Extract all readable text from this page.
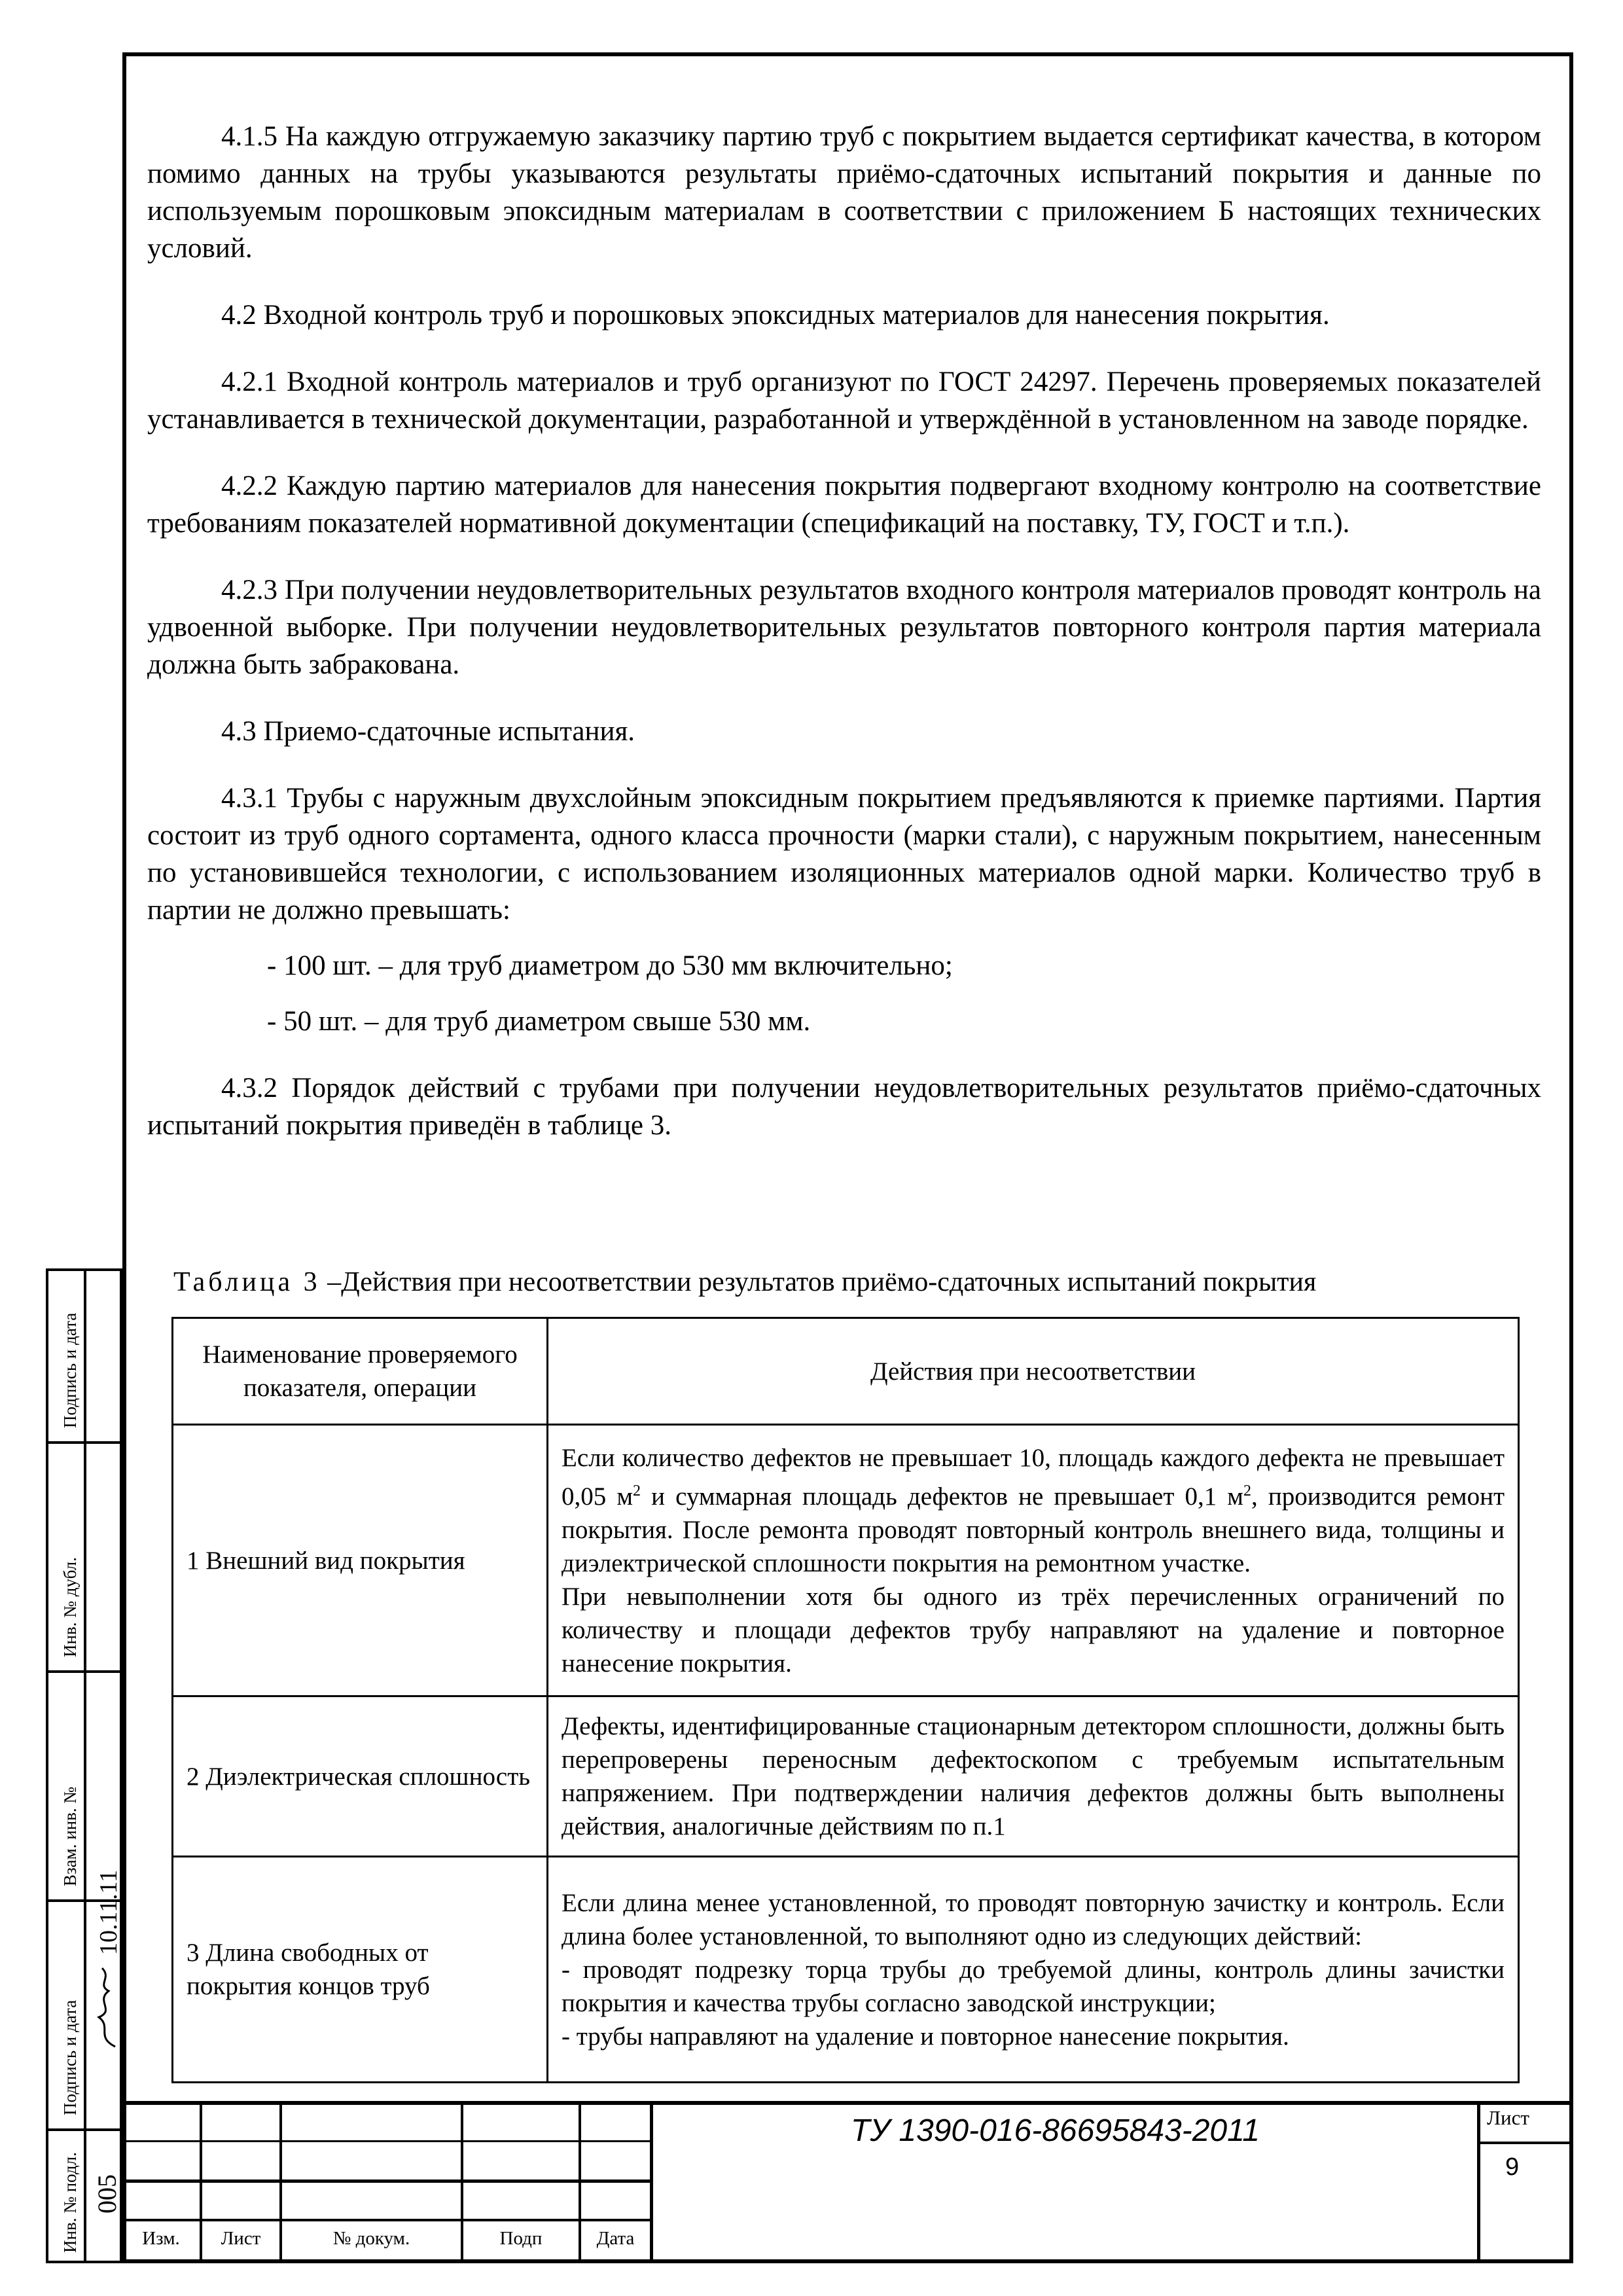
4.1.5 На каждую отгружаемую заказчику партию труб с покрытием выдается сертификат качества, в котором помимо данных на трубы указываются результаты приёмо-сдаточных испытаний покрытия и данные по используемым порошковым эпоксидным материалам в соответствии с приложением Б настоящих технических условий.

4.2 Входной контроль труб и порошковых эпоксидных материалов для нанесения покрытия.

4.2.1 Входной контроль материалов и труб организуют по ГОСТ 24297. Перечень проверяемых показателей устанавливается в технической документации, разработанной и утверждённой в установленном на заводе порядке.

4.2.2 Каждую партию материалов для нанесения покрытия подвергают входному контролю на соответствие требованиям показателей нормативной документации (спецификаций на поставку, ТУ, ГОСТ и т.п.).

4.2.3 При получении неудовлетворительных результатов входного контроля материалов проводят контроль на удвоенной выборке. При получении неудовлетворительных результатов повторного контроля партия материала должна быть забракована.

4.3 Приемо-сдаточные испытания.

4.3.1 Трубы с наружным двухслойным эпоксидным покрытием предъявляются к приемке партиями. Партия состоит из труб одного сортамента, одного класса прочности (марки стали), с наружным покрытием, нанесенным по установившейся технологии, с использованием изоляционных материалов одной марки. Количество труб в партии не должно превышать:

- 100 шт. – для труб диаметром до 530 мм включительно;

- 50 шт. – для труб диаметром свыше 530 мм.

4.3.2 Порядок действий с трубами при получении неудовлетворительных результатов приёмо-сдаточных испытаний покрытия приведён в таблице 3.

Таблица 3 –Действия при несоответствии результатов приёмо-сдаточных испытаний покрытия
Наименование проверяемого показателя, операции	Действия при несоответствии
1 Внешний вид покрытия	Если количество дефектов не превышает 10, площадь каждого дефекта не превышает 0,05 $м^2$ и суммарная площадь дефектов не превышает 0,1 $м^2$, производится ремонт покрытия. После ремонта проводят повторный контроль внешнего вида, толщины и диэлектрической сплошности покрытия на ремонтном участке.
При невыполнении хотя бы одного из трёх перечисленных ограничений по количеству и площади дефектов трубу направляют на удаление и повторное нанесение покрытия.
2 Диэлектрическая сплошность	Дефекты, идентифицированные стационарным детектором сплошности, должны быть перепроверены переносным дефектоскопом с требуемым испытательным напряжением. При подтверждении наличия дефектов должны быть выполнены действия, аналогичные действиям по п.1
3 Длина свободных от покрытия концов труб	Если длина менее установленной, то проводят повторную зачистку и контроль. Если длина более установленной, то выполняют одно из следующих действий:
- проводят подрезку торца трубы до требуемой длины, контроль длины зачистки покрытия и качества трубы согласно заводской инструкции;
- трубы направляют на удаление и повторное нанесение покрытия.
Подпись и дата
Инв. № дубл.
Взам. инв. №
Подпись и дата
Инв. № подл.
10.11.11
005
Изм.	Лист	№ докум.	Подп	Дата
ТУ 1390-016-86695843-2011	Лист
9
